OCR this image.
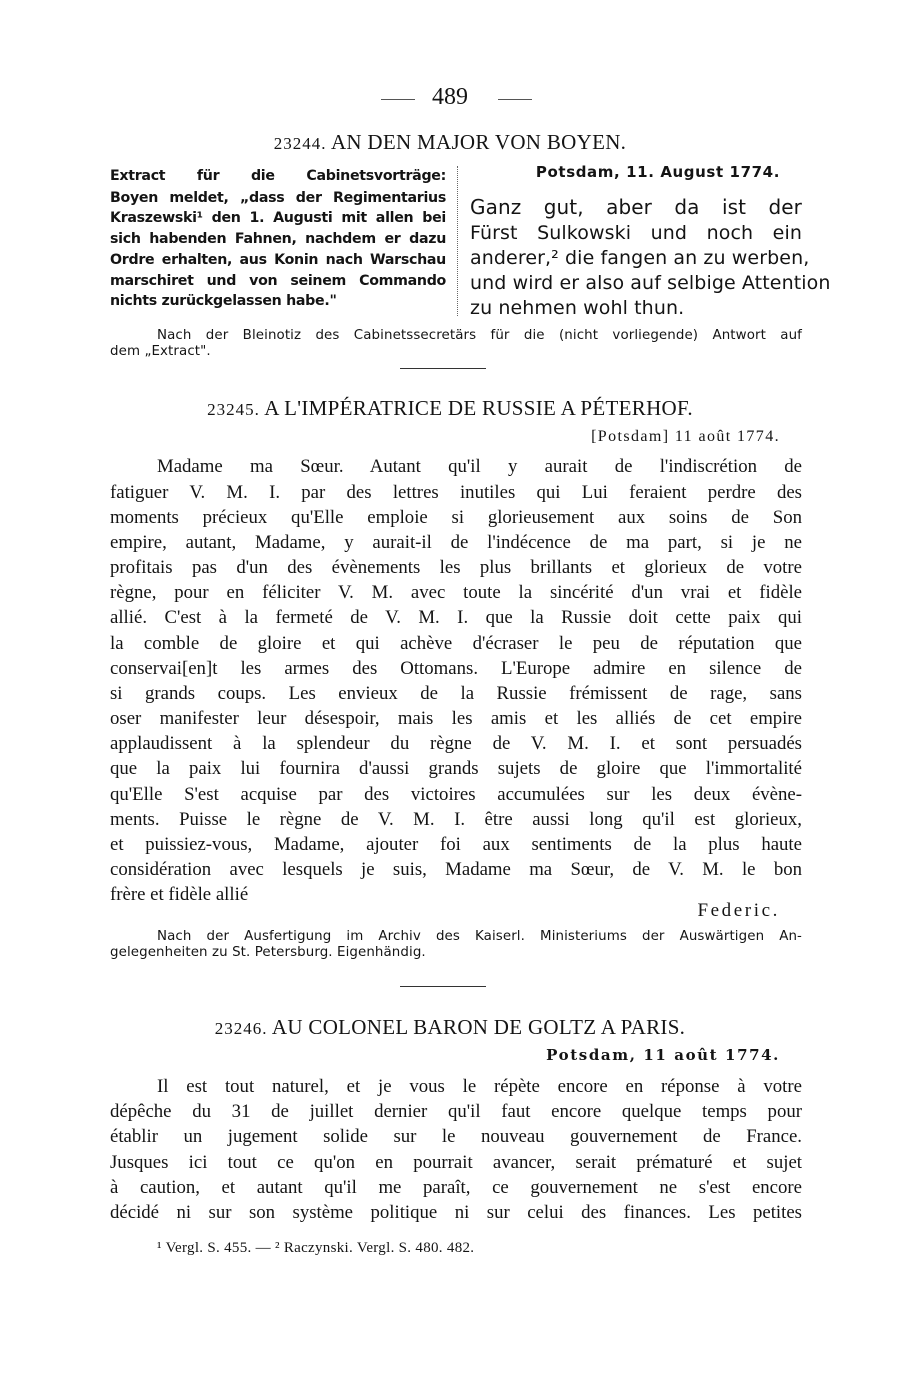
489
23244. AN DEN MAJOR VON BOYEN.
Extract für die Cabinetsvorträge:
Boyen meldet, „dass der Regimentarius
Kraszewski¹ den 1. Augusti mit allen bei
sich habenden Fahnen, nachdem er dazu
Ordre erhalten, aus Konin nach Warschau
marschiret und von seinem Commando
nichts zurückgelassen habe."
Potsdam, 11. August 1774.
Ganz gut, aber da ist der
Fürst Sulkowski und noch ein
anderer,² die fangen an zu werben,
und wird er also auf selbige Attention
zu nehmen wohl thun.
Nach der Bleinotiz des Cabinetssecretärs für die (nicht vorliegende) Antwort auf
dem „Extract".
23245. A L'IMPÉRATRICE DE RUSSIE A PÉTERHOF.
[Potsdam] 11 août 1774.
Madame ma Sœur. Autant qu'il y aurait de l'indiscrétion de
fatiguer V. M. I. par des lettres inutiles qui Lui feraient perdre des
moments précieux qu'Elle emploie si glorieusement aux soins de Son
empire, autant, Madame, y aurait-il de l'indécence de ma part, si je ne
profitais pas d'un des évènements les plus brillants et glorieux de votre
règne, pour en féliciter V. M. avec toute la sincérité d'un vrai et fidèle
allié. C'est à la fermeté de V. M. I. que la Russie doit cette paix qui
la comble de gloire et qui achève d'écraser le peu de réputation que
conservai[en]t les armes des Ottomans. L'Europe admire en silence de
si grands coups. Les envieux de la Russie frémissent de rage, sans
oser manifester leur désespoir, mais les amis et les alliés de cet empire
applaudissent à la splendeur du règne de V. M. I. et sont persuadés
que la paix lui fournira d'aussi grands sujets de gloire que l'immortalité
qu'Elle S'est acquise par des victoires accumulées sur les deux évène-
ments. Puisse le règne de V. M. I. être aussi long qu'il est glorieux,
et puissiez-vous, Madame, ajouter foi aux sentiments de la plus haute
considération avec lesquels je suis, Madame ma Sœur, de V. M. le bon
frère et fidèle allié
Federic.
Nach der Ausfertigung im Archiv des Kaiserl. Ministeriums der Auswärtigen An-
gelegenheiten zu St. Petersburg. Eigenhändig.
23246. AU COLONEL BARON DE GOLTZ A PARIS.
Potsdam, 11 août 1774.
Il est tout naturel, et je vous le répète encore en réponse à votre
dépêche du 31 de juillet dernier qu'il faut encore quelque temps pour
établir un jugement solide sur le nouveau gouvernement de France.
Jusques ici tout ce qu'on en pourrait avancer, serait prématuré et sujet
à caution, et autant qu'il me paraît, ce gouvernement ne s'est encore
décidé ni sur son système politique ni sur celui des finances. Les petites
¹ Vergl. S. 455. — ² Raczynski. Vergl. S. 480. 482.
